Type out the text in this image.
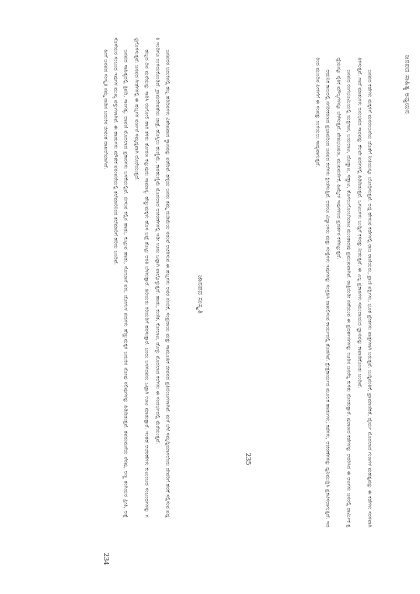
ಜಾನಪದ ಸಂಸ್ಕೃತಿ

ಜನಪದರ ಬದುಕಿನಲ್ಲಿ ಹಬ್ಬ ಹರಿದಿನಗಳು ವಿಶೇಷವಾದ ಸ್ಥಾನವನ್ನು ಪಡೆದಿವೆ. ಹಳ್ಳಿಯ ಜನರು ತಮ್ಮ ದುಡಿಮೆಯ ನಡುವೆ ಆಚರಿಸುವ ಈ ಹಬ್ಬಗಳು ಅವರ ನಂಬಿಕೆ, ಸಂಪ್ರದಾಯ ಮತ್ತು ಸಾಮೂಹಿಕ ಜೀವನದ ಪ್ರತಿಬಿಂಬಗಳಾಗಿವೆ. ಮಳೆ ಬೆಳೆ ಸಮೃದ್ಧಿಯಾಗಲೆಂದು ದೇವರಿಗೆ ಹರಕೆ ಸಲ್ಲಿಸುವ ಪದ್ಧತಿ ಇಂದಿಗೂ ಉಳಿದುಕೊಂಡಿದೆ. ಗ್ರಾಮದೇವತೆಯ ಜಾತ್ರೆ, ಹೊಸ್ತಿಲು ಹುಣ್ಣಿಮೆ, ಕಾರಹುಣ್ಣಿಮೆ ಮೊದಲಾದ ಆಚರಣೆಗಳಲ್ಲಿ ಇಡೀ ಊರು ಒಟ್ಟಾಗಿ ಪಾಲ್ಗೊಳ್ಳುತ್ತದೆ. ಹಾಡು, ಕುಣಿತ, ಕೋಲಾಟ, ಡೊಳ್ಳು ಮೊದಲಾದ ಕಲೆಗಳು ಈ ಸಂದರ್ಭದಲ್ಲಿ ಮೆರೆಯುತ್ತವೆ.

ಹಬ್ಬದ ದಿನ ಮನೆಯನ್ನು ಸಾರಿಸಿ ರಂಗೋಲಿ ಹಾಕಿ ತಳಿರು ತೋರಣ ಕಟ್ಟುವುದು ಸಾಮಾನ್ಯ. ಹೆಣ್ಣುಮಕ್ಕಳು ಹೊಸ ಬಟ್ಟೆ ತೊಟ್ಟು ಆರತಿ ಬೆಳಗುತ್ತಾರೆ. ಹಿರಿಯರು ಕಿರಿಯರಿಗೆ ಹರಸುತ್ತಾರೆ. ಬಂಧು ಬಳಗದವರು ಒಟ್ಟಾಗಿ ಊಟ ಮಾಡುತ್ತಾರೆ. ಇಂತಹ ಆಚರಣೆಗಳು ಕುಟುಂಬದ ಸಂಬಂಧಗಳನ್ನು ಗಟ್ಟಿಗೊಳಿಸುತ್ತವೆ. ಜನಪದ ಗೀತೆಗಳಲ್ಲಿ ಈ ಹಬ್ಬಗಳ ವರ್ಣನೆ ಸಮೃದ್ಧವಾಗಿ ದೊರೆಯುತ್ತದೆ.

ಜನಪದ ಸಾಹಿತ್ಯದಲ್ಲಿ ತ್ರಿಪದಿ, ಸಾಂಗತ್ಯ, ಲಾವಣಿ ಮೊದಲಾದ ಪ್ರಕಾರಗಳು ಬಳಕೆಯಲ್ಲಿವೆ. ಬೀಸುವ ಕಲ್ಲಿನ ಹಾಡು, ಕುಟ್ಟುವ ಹಾಡು, ಸೋಬಾನೆ ಪದ, ಜೋಗುಳ ಪದಗಳು ಹೆಣ್ಣುಮಕ್ಕಳ ಬದುಕಿನ ನೋವು ನಲಿವುಗಳನ್ನು ಹಿಡಿದಿಡುತ್ತವೆ. ತವರುಮನೆಯ ನೆನಪು, ಅಣ್ಣ ತಂಗಿಯರ ಪ್ರೀತಿ, ಅತ್ತೆ ಸೊಸೆಯರ ಸಂಬಂಧ ಇವುಗಳ ಮುಖ್ಯ ವಸ್ತುಗಳಾಗಿವೆ. ಈ ಹಾಡುಗಳು ಮೌಖಿಕ ಪರಂಪರೆಯಲ್ಲಿ ತಲೆಮಾರಿನಿಂದ ತಲೆಮಾರಿಗೆ ಹರಿದು ಬಂದಿವೆ.

ಹೀಗೆ ಜನಪದ ಸಂಸ್ಕೃತಿ ನಮ್ಮ ನಾಡಿನ ಬದುಕಿನ ಜೀವಂತ ದಾಖಲೆಯಾಗಿದೆ.

234
ಜನಪದ ಸಾಹಿತ್ಯ ಅಧ್ಯಯನ

ಜನಪದ ಕಥೆಗಳು ಮಕ್ಕಳಿಗೆ ಮನರಂಜನೆಯ ಜೊತೆಗೆ ನೀತಿಯನ್ನೂ ಬೋಧಿಸುತ್ತವೆ. ಅಜ್ಜಿ ಹೇಳುವ ಕಥೆಗಳಲ್ಲಿ ರಾಜ ರಾಣಿಯರು, ಪ್ರಾಣಿ ಪಕ್ಷಿಗಳು, ಭೂತ ಪ್ರೇತಗಳು ಪಾತ್ರಗಳಾಗಿ ಬರುತ್ತವೆ. ಬುದ್ಧಿವಂತಿಕೆ, ಪ್ರಾಮಾಣಿಕತೆ, ಧೈರ್ಯ ಮೊದಲಾದ ಗುಣಗಳ ಮಹತ್ವವನ್ನು ಈ ಕಥೆಗಳು ಸರಳವಾಗಿ ತಿಳಿಸುತ್ತವೆ. ಗಾದೆ ಮಾತುಗಳು ಅನುಭವದ ಸಾರವನ್ನು ಕೆಲವೇ ಪದಗಳಲ್ಲಿ ಹಿಡಿದಿಡುತ್ತವೆ. ಒಗಟುಗಳು ಬುದ್ಧಿಗೆ ಕಸರತ್ತು ನೀಡುತ್ತವೆ. ಈ ಎಲ್ಲ ಪ್ರಕಾರಗಳು ಸಮುದಾಯದ ಜ್ಞಾನವನ್ನು ಕಾಪಾಡಿಕೊಂಡು ಬಂದಿವೆ.

ಜನಪದ ರಂಗಭೂಮಿಯಲ್ಲಿ ಯಕ್ಷಗಾನ, ಬಯಲಾಟ, ದೊಡ್ಡಾಟ, ಸಣ್ಣಾಟ, ತೊಗಲುಗೊಂಬೆಯಾಟ ಮುಂತಾದವು ಪ್ರಮುಖವಾಗಿವೆ. ರಾತ್ರಿಯಿಡೀ ನಡೆಯುವ ಈ ಪ್ರದರ್ಶನಗಳನ್ನು ಊರಿನ ಜನರೆಲ್ಲ ಕುಳಿತು ನೋಡುತ್ತಾರೆ. ಪುರಾಣದ ಕಥೆಗಳನ್ನು ಆಧರಿಸಿದ ಈ ಆಟಗಳು ಜನರಲ್ಲಿ ಧಾರ್ಮಿಕ ಶ್ರದ್ಧೆಯನ್ನೂ ನೈತಿಕ ಮೌಲ್ಯಗಳನ್ನೂ ಬೆಳೆಸುತ್ತವೆ. ವೇಷಭೂಷಣ, ಮುಖವರ್ಣಿಕೆ, ಹಿಮ್ಮೇಳ ಇವುಗಳಿಂದ ಪ್ರದರ್ಶನ ಕಳೆಗಟ್ಟುತ್ತದೆ.

ಆಧುನಿಕ ಕಾಲದಲ್ಲಿ ನಗರೀಕರಣದ ಪ್ರಭಾವದಿಂದ ಜನಪದ ಕಲೆಗಳು ಕ್ಷೀಣಿಸುತ್ತಿವೆ. ಆದರೂ ವಿದ್ವಾಂಸರು ಮತ್ತು ಸಂಸ್ಥೆಗಳು ಇವುಗಳನ್ನು ಸಂಗ್ರಹಿಸಿ ದಾಖಲಿಸುವ ಕಾರ್ಯದಲ್ಲಿ ತೊಡಗಿವೆ. ಕ್ಷೇತ್ರಕಾರ್ಯದ ಮೂಲಕ ಹಾಡುಗಳು, ಕಥೆಗಳು, ಆಚರಣೆಗಳನ್ನು ಧ್ವನಿಮುದ್ರಿಸಿ ಪ್ರಕಟಿಸಲಾಗುತ್ತಿದೆ. ಇದರಿಂದ ಮುಂದಿನ ಪೀಳಿಗೆಗೆ ಈ ಸಂಪತ್ತು ಉಳಿಯಲು ಸಾಧ್ಯವಾಗುತ್ತದೆ.

235
